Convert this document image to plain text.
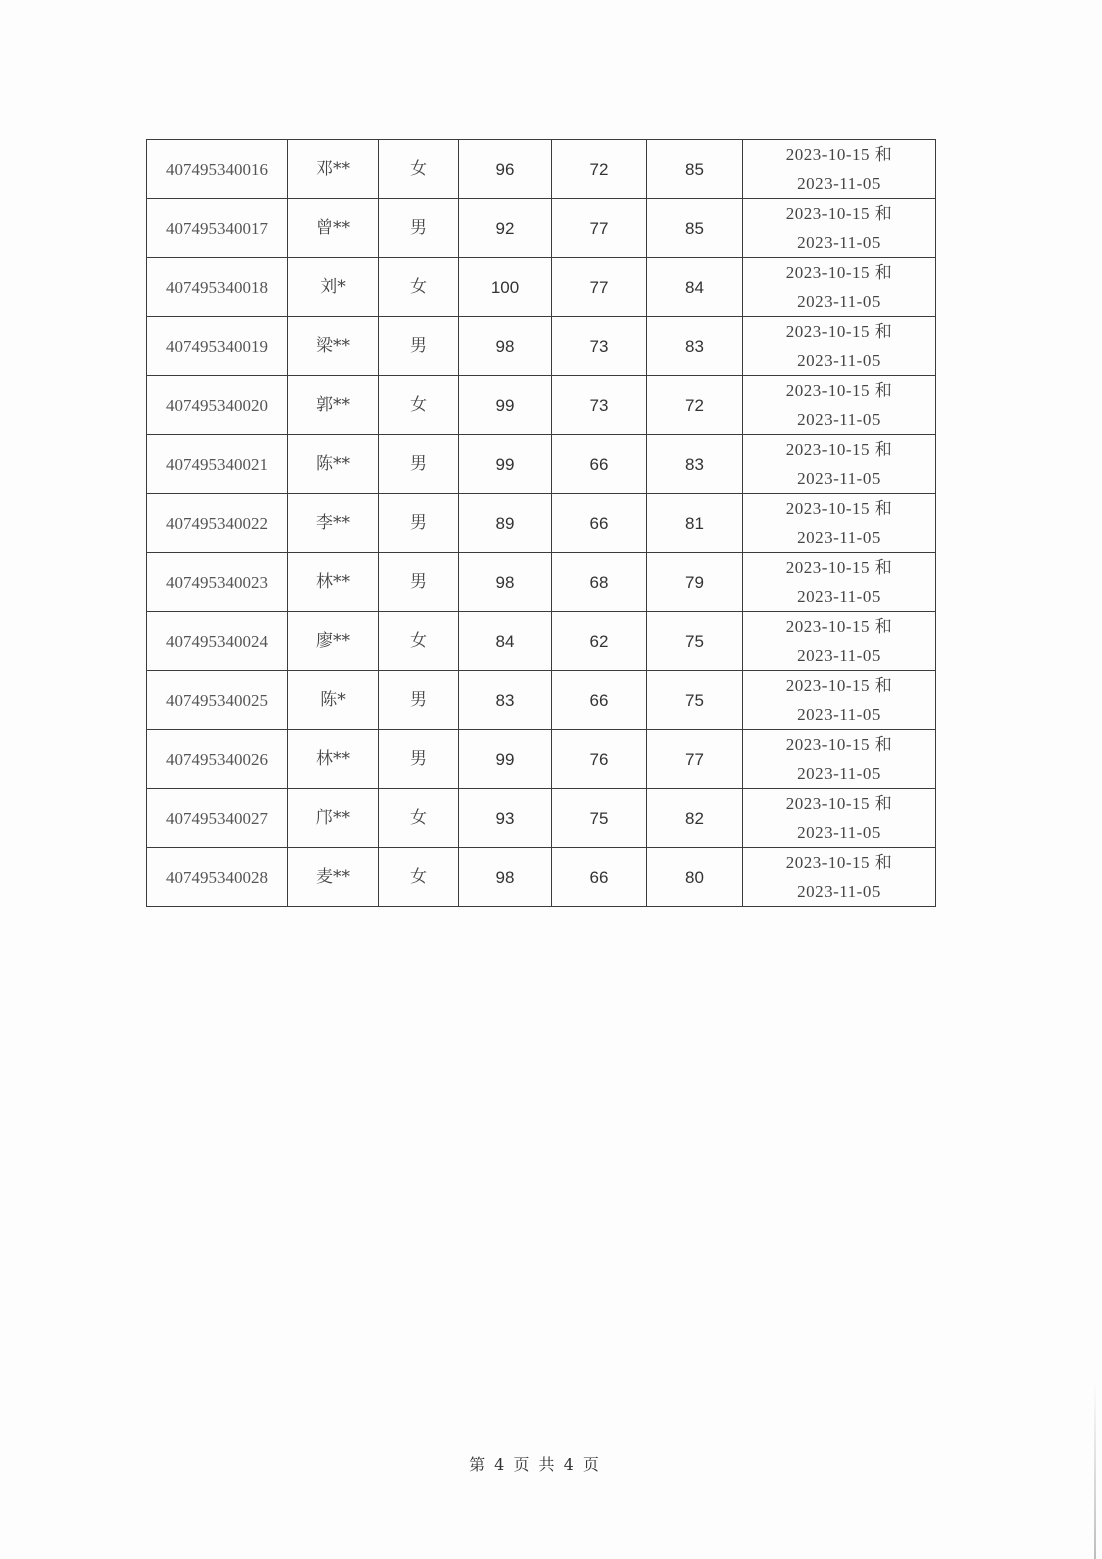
407495340016	邓**	女	96	72	85	2023-10-15 和
2023-11-05

407495340017	曾**	男	92	77	85	2023-10-15 和
2023-11-05

407495340018	刘*	女	100	77	84	2023-10-15 和
2023-11-05

407495340019	梁**	男	98	73	83	2023-10-15 和
2023-11-05

407495340020	郭**	女	99	73	72	2023-10-15 和
2023-11-05

407495340021	陈**	男	99	66	83	2023-10-15 和
2023-11-05

407495340022	李**	男	89	66	81	2023-10-15 和
2023-11-05

407495340023	林**	男	98	68	79	2023-10-15 和
2023-11-05

407495340024	廖**	女	84	62	75	2023-10-15 和
2023-11-05

407495340025	陈*	男	83	66	75	2023-10-15 和
2023-11-05

407495340026	林**	男	99	76	77	2023-10-15 和
2023-11-05

407495340027	邝**	女	93	75	82	2023-10-15 和
2023-11-05

407495340028	麦**	女	98	66	80	2023-10-15 和
2023-11-05
第 4 页 共 4 页
